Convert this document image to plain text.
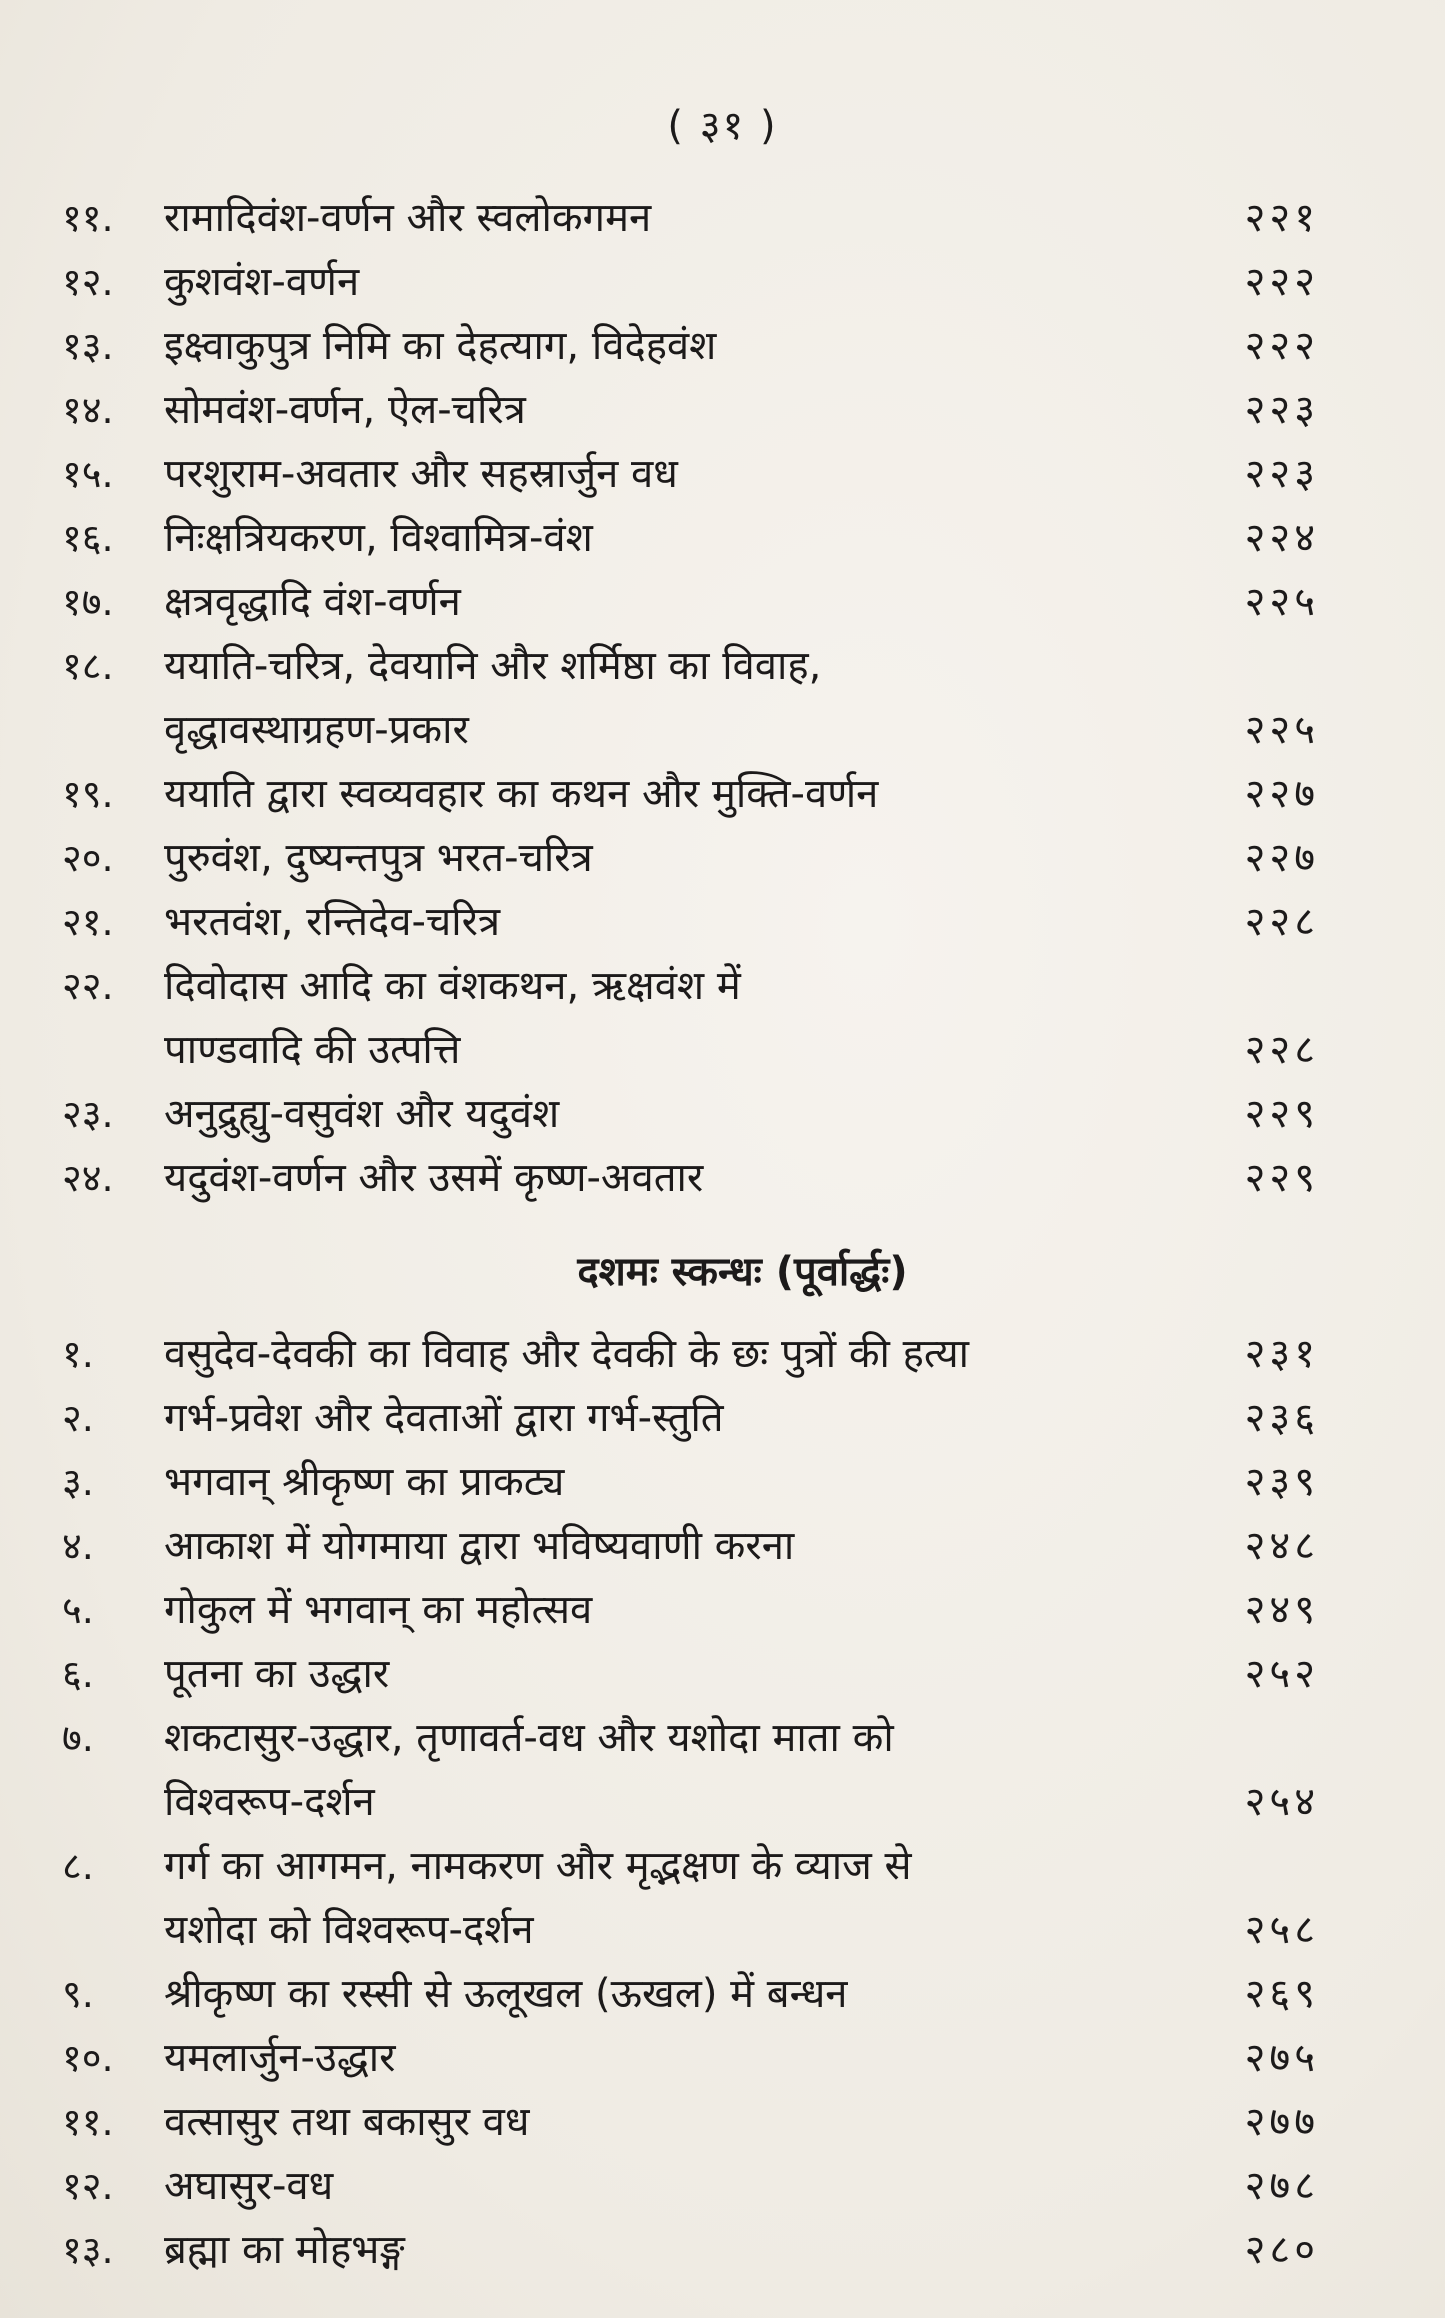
( ३१ )
११.	रामादिवंश-वर्णन और स्वलोकगमन	२२१
१२.	कुशवंश-वर्णन	२२२
१३.	इक्ष्वाकुपुत्र निमि का देहत्याग, विदेहवंश	२२२
१४.	सोमवंश-वर्णन, ऐल-चरित्र	२२३
१५.	परशुराम-अवतार और सहस्रार्जुन वध	२२३
१६.	निःक्षत्रियकरण, विश्वामित्र-वंश	२२४
१७.	क्षत्रवृद्धादि वंश-वर्णन	२२५
१८.	ययाति-चरित्र, देवयानि और शर्मिष्ठा का विवाह,
वृद्धावस्थाग्रहण-प्रकार	२२५
१९.	ययाति द्वारा स्वव्यवहार का कथन और मुक्ति-वर्णन	२२७
२०.	पुरुवंश, दुष्यन्तपुत्र भरत-चरित्र	२२७
२१.	भरतवंश, रन्तिदेव-चरित्र	२२८
२२.	दिवोदास आदि का वंशकथन, ऋक्षवंश में
पाण्डवादि की उत्पत्ति	२२८
२३.	अनुद्रुह्यु-वसुवंश और यदुवंश	२२९
२४.	यदुवंश-वर्णन और उसमें कृष्ण-अवतार	२२९
दशमः स्कन्धः (पूर्वार्द्धः)
१.	वसुदेव-देवकी का विवाह और देवकी के छः पुत्रों की हत्या	२३१
२.	गर्भ-प्रवेश और देवताओं द्वारा गर्भ-स्तुति	२३६
३.	भगवान् श्रीकृष्ण का प्राकट्य	२३९
४.	आकाश में योगमाया द्वारा भविष्यवाणी करना	२४८
५.	गोकुल में भगवान् का महोत्सव	२४९
६.	पूतना का उद्धार	२५२
७.	शकटासुर-उद्धार, तृणावर्त-वध और यशोदा माता को
विश्वरूप-दर्शन	२५४
८.	गर्ग का आगमन, नामकरण और मृद्भक्षण के व्याज से
यशोदा को विश्वरूप-दर्शन	२५८
९.	श्रीकृष्ण का रस्सी से ऊलूखल (ऊखल) में बन्धन	२६९
१०.	यमलार्जुन-उद्धार	२७५
११.	वत्सासुर तथा बकासुर वध	२७७
१२.	अघासुर-वध	२७८
१३.	ब्रह्मा का मोहभङ्ग	२८०
